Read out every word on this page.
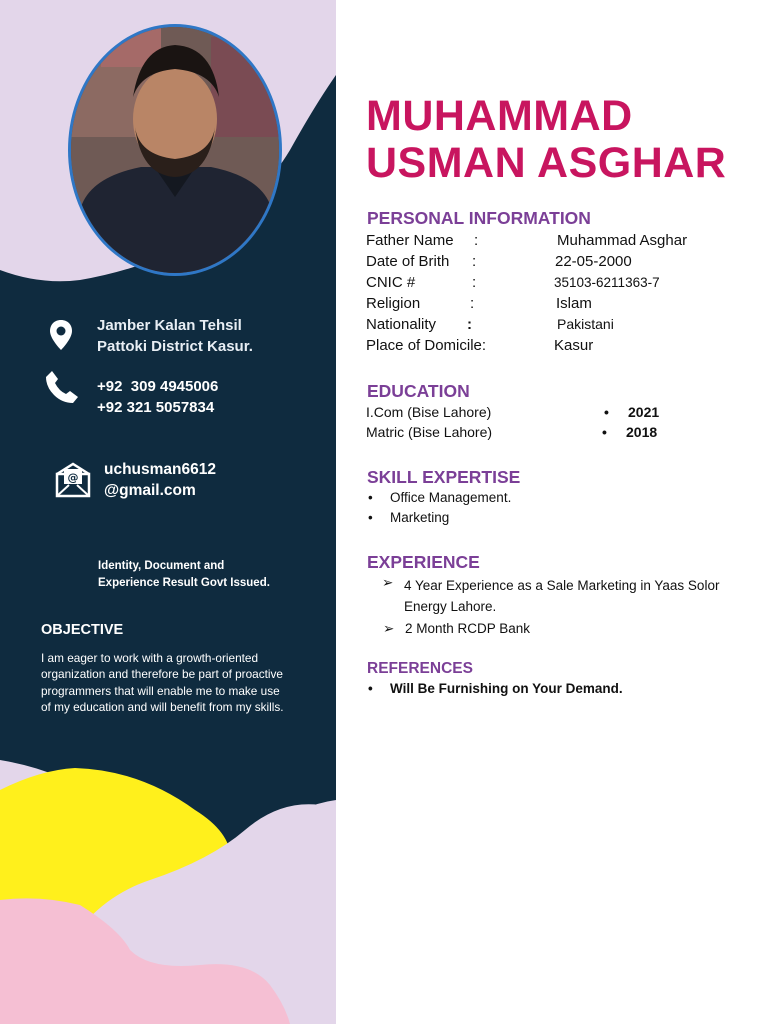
Jamber Kalan Tehsil
Pattoki District Kasur.
+92  309 4945006
+92 321 5057834
@ uchusman6612
@gmail.com
Identity, Document and Experience Result Govt Issued.
OBJECTIVE
I am eager to work with a growth-oriented organization and therefore be part of proactive programmers that will enable me to make use of my education and will benefit from my skills.
MUHAMMAD
USMAN ASGHAR
PERSONAL INFORMATION
Father Name :	Muhammad Asghar
Date of Brith :	22-05-2000
CNIC #	:	35103-6211363-7
Religion	:	Islam
Nationality :	Pakistani
Place of Domicile:	Kasur
EDUCATION
I.Com (Bise Lahore)	• 2021
Matric (Bise Lahore)	• 2018
SKILL EXPERTISE
• Office Management.
• Marketing
EXPERIENCE
➢ 4 Year Experience as a Sale Marketing in Yaas Solor
Energy Lahore.
➢ 2 Month RCDP Bank
REFERENCES
• Will Be Furnishing on Your Demand.
